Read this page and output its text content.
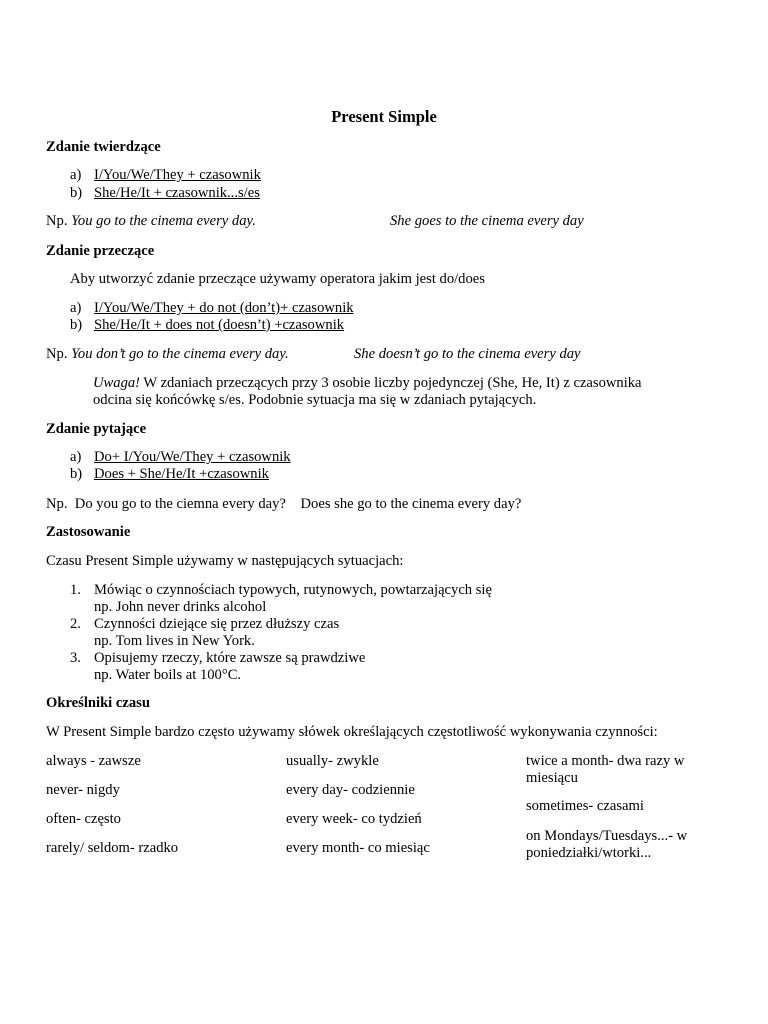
Present Simple
Zdanie twierdzące
a) I/You/We/They + czasownik
b) She/He/It + czasownik...s/es
Np. You go to the cinema every day.	She goes to the cinema every day
Zdanie przeczące
Aby utworzyć zdanie przeczące używamy operatora jakim jest do/does
a) I/You/We/They + do not (don’t)+ czasownik
b) She/He/It + does not (doesn’t) +czasownik
Np. You don’t go to the cinema every day.	She doesn’t go to the cinema every day
Uwaga! W zdaniach przeczących przy 3 osobie liczby pojedynczej (She, He, It) z czasownika
odcina się końcówkę s/es. Podobnie sytuacja ma się w zdaniach pytających.
Zdanie pytające
a) Do+ I/You/We/They + czasownik
b) Does + She/He/It +czasownik
Np.  Do you go to the ciemna every day?    Does she go to the cinema every day?
Zastosowanie
Czasu Present Simple używamy w następujących sytuacjach:
1. Mówiąc o czynnościach typowych, rutynowych, powtarzających się
np. John never drinks alcohol
2. Czynności dziejące się przez dłuższy czas
np. Tom lives in New York.
3. Opisujemy rzeczy, które zawsze są prawdziwe
np. Water boils at 100°C.
Określniki czasu
W Present Simple bardzo często używamy słówek określających częstotliwość wykonywania czynności:
always - zawsze
never- nigdy
often- często
rarely/ seldom- rzadko
usually- zwykle
every day- codziennie
every week- co tydzień
every month- co miesiąc
twice a month- dwa razy w miesiącu
sometimes- czasami
on Mondays/Tuesdays...- w poniedziałki/wtorki...
